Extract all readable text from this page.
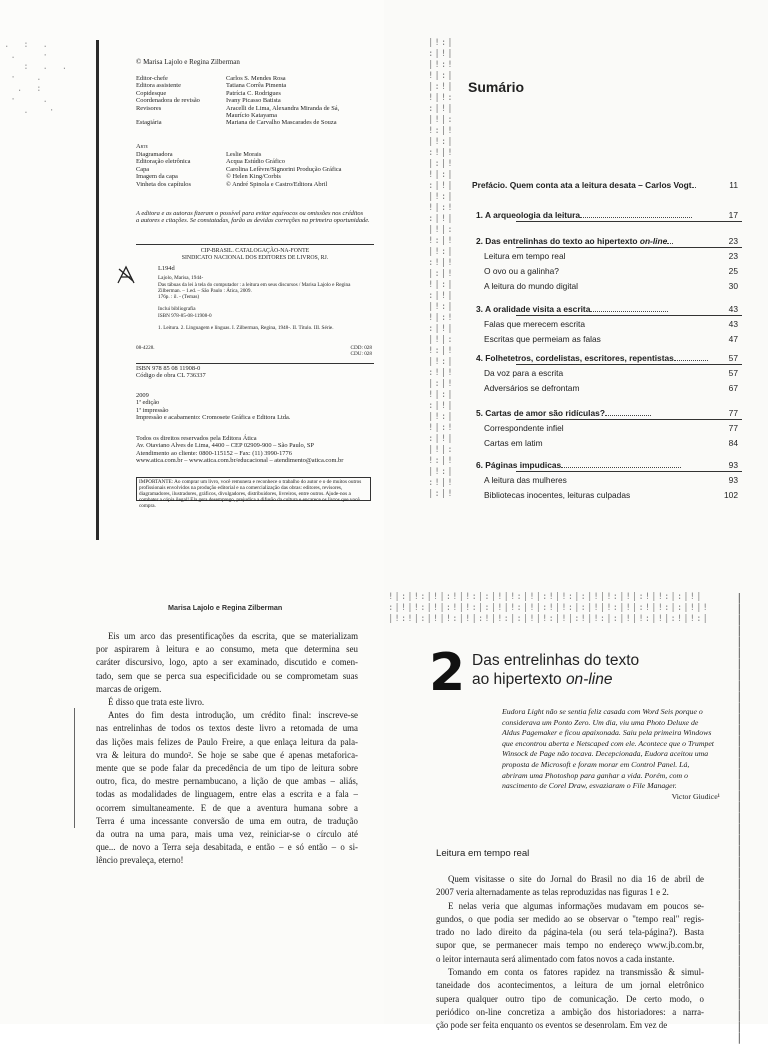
.  :  .
.    ·
:  .  .
·   .
.  :
·    .
.   ·
© Marisa Lajolo e Regina Zilberman
Editor-chefe	Carlos S. Mendes Rosa
Editora assistente	Tatiana Corrêa Pimenta
Copidesque	Patrícia C. Rodrigues
Coordenadora de revisão	Ivany Picasso Batista
Revisores	Aracelli de Lima, Alexandra Miranda de Sá,
Maurício Katayama
Estagiária	Mariana de Carvalho Mascarades de Souza
Arte
Diagramadora	Leslie Morais
Editoração eletrônica	Acqua Estúdio Gráfico
Capa	Carolina Lefèvre/Signorini Produção Gráfica
Imagem da capa	© Helen King/Corbis
Vinheta dos capítulos	© André Spinola e Castro/Editora Abril
A editora e as autoras fizeram o possível para evitar equívocos ou omissões nos créditos
a autores e citações. Se constatadas, farão as devidas correções na primeira oportunidade.
CIP-BRASIL. CATALOGAÇÃO-NA-FONTE
SINDICATO NACIONAL DOS EDITORES DE LIVROS, RJ.
L194d
Lajolo, Marisa, 1944-
Das tábuas da lei à tela do computador : a leitura em seus discursos / Marisa Lajolo e Regina
Zilberman. – 1.ed. – São Paulo : Ática, 2009.
176p. : il. - (Temas)

Inclui bibliografia
ISBN 978-85-08-11908-0

1. Leitura. 2. Linguagem e línguas. I. Zilberman, Regina, 1948-. II. Título. III. Série.
08-4228.	CDD: 028
CDU: 028
ISBN 978 85 08 11908-0
Código de obra CL 736337
2009
1ª edição
1ª impressão
Impressão e acabamento: Cromosete Gráfica e Editora Ltda.
Todos os direitos reservados pela Editora Ática
Av. Otaviano Alves de Lima, 4400 – CEP 02909-900 – São Paulo, SP
Atendimento ao cliente: 0800-115152 – Fax: (11) 3990-1776
www.atica.com.br – www.atica.com.br/educacional – atendimento@atica.com.br
IMPORTANTE: Ao comprar um livro, você remunera e reconhece o trabalho do autor e o de muitos outros profissionais envolvidos na produção editorial e na comercialização das obras: editores, revisores, diagramadores, ilustradores, gráficos, divulgadores, distribuidores, livreiros, entre outros. Ajude-nos a combater a cópia ilegal! Ela gera desemprego, prejudica a difusão da cultura e encarece os livros que você compra.
|!:|
:|!|
|!:!
!|:|
|:!|
!|!:
:|!|
|!|:
!:|!
|!:|
:!|!
|:|!
!|:|
:|!|
|!:|
!|:!
:|!|
|!|:
!:|!
|!:|
:!|!
|:|!
!|:|
:|!|
|!:|
!|:!
:|!|
|!|:
!:|!
|!:|
:!|!
|:|!
!|:|
:|!|
|!:|
!|:!
:|!|
|!|:
!:|!
|!:|
:!|!
|:|!
Sumário
Prefácio. Quem conta ata a leitura desata – Carlos Vogt	11
1. A arqueologia da leitura	17
2. Das entrelinhas do texto ao hipertexto on-line	23
Leitura em tempo real	23
O ovo ou a galinha?	25
A leitura do mundo digital	30
3. A oralidade visita a escrita	43
Falas que merecem escrita	43
Escritas que permeiam as falas	47
4. Folhetetros, cordelistas, escritores, repentistas	57
Da voz para a escrita	57
Adversários se defrontam	67
5. Cartas de amor são ridículas?	77
Correspondente infiel	77
Cartas em latim	84
6. Páginas impudicas	93
A leitura das mulheres	93
Bibliotecas inocentes, leituras culpadas	102
Marisa Lajolo e Regina Zilberman
Eis um arco das presentificações da escrita, que se materializam
por aspirarem à leitura e ao consumo, meta que determina seu
caráter discursivo, logo, apto a ser examinado, discutido e comen-
tado, sem que se perca sua especificidade ou se comprometam suas
marcas de origem.
É disso que trata este livro.
Antes do fim desta introdução, um crédito final: inscreve-se
nas entrelinhas de todos os textos deste livro a retomada de uma
das lições mais felizes de Paulo Freire, a que enlaça leitura da pala-
vra & leitura do mundo². Se hoje se sabe que é apenas metaforica-
mente que se pode falar da precedência de um tipo de leitura sobre
outro, fica, do mestre pernambucano, a lição de que ambas – aliás,
todas as modalidades de linguagem, entre elas a escrita e a fala –
ocorrem simultaneamente. E de que a aventura humana sobre a
Terra é uma incessante conversão de uma em outra, de tradução
da outra na uma para, mais uma vez, reiniciar-se o círculo até
que... de novo a Terra seja desabitada, e então – e só então – o si-
lêncio prevaleça, eterno!
!|:|!:|!|:!|!:|:|!|!:|!|:!|!:|:|!|!:|!|:!|!:|:|!|
:|!|!:|!|:!|!:|:|!|!:|!|:!|!:|:|!|!:|!|:!|!:|:|!|!
|!:!|:|!|!:|!|:!|!:|:|!|!:|!|:!|!:|:|!|!:|!|:!|!:|
|
|
|
|
|
|
|
|
|
|
|
|
|
|
|
|
|
|
|
|
|
|
|
|
|
|
|
|
|
|
|
|
|
|
|
|
|
|
|
|
|
2 Das entrelinhas do texto
ao hipertexto on-line
Eudora Light não se sentia feliz casada com Word Seis porque o
considerava um Ponto Zero. Um dia, viu uma Photo Deluxe de
Aldus Pagemaker e ficou apaixonada. Saiu pela primeira Windows
que encontrou aberta e Netscaped com ele. Acontece que o Trumpet
Winsock de Page não tocava. Decepcionada, Eudora aceitou uma
proposta de Microsoft e foram morar em Control Panel. Lá,
abriram uma Photoshop para ganhar a vida. Porém, com o
nascimento de Corel Draw, esvaziaram o File Manager.
Victor Giudice¹
Leitura em tempo real
Quem visitasse o site do Jornal do Brasil no dia 16 de abril de
2007 veria alternadamente as telas reproduzidas nas figuras 1 e 2.
E nelas veria que algumas informações mudavam em poucos se-
gundos, o que podia ser medido ao se observar o "tempo real" regis-
trado no lado direito da página-tela (ou será tela-página?). Basta
supor que, se permanecer mais tempo no endereço www.jb.com.br,
o leitor internauta será alimentado com fatos novos a cada instante.
Tomando em conta os fatores rapidez na transmissão & simul-
taneidade dos acontecimentos, a leitura de um jornal eletrônico
supera qualquer outro tipo de comunicação. De certo modo, o
periódico on-line concretiza a ambição dos historiadores: a narra-
ção pode ser feita enquanto os eventos se desenrolam. Em vez de
